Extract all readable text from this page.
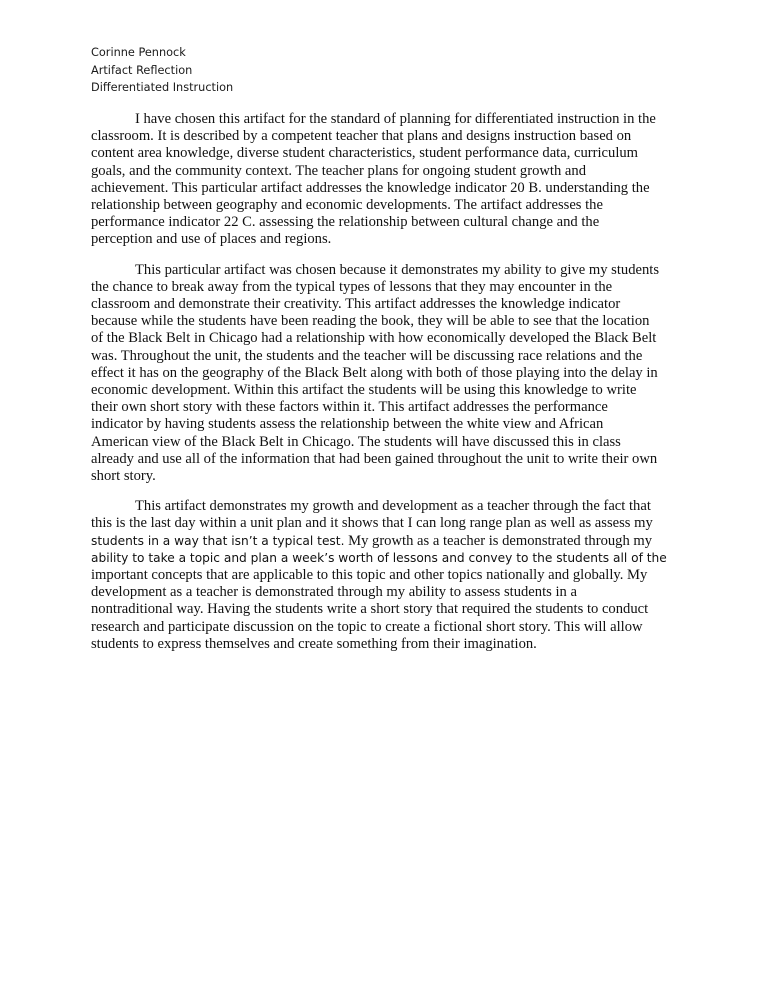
Corinne Pennock
Artifact Reflection
Differentiated Instruction
I have chosen this artifact for the standard of planning for differentiated instruction in the
classroom. It is described by a competent teacher that plans and designs instruction based on
content area knowledge, diverse student characteristics, student performance data, curriculum
goals, and the community context. The teacher plans for ongoing student growth and
achievement. This particular artifact addresses the knowledge indicator 20 B. understanding the
relationship between geography and economic developments. The artifact addresses the
performance indicator 22 C. assessing the relationship between cultural change and the
perception and use of places and regions.
This particular artifact was chosen because it demonstrates my ability to give my students
the chance to break away from the typical types of lessons that they may encounter in the
classroom and demonstrate their creativity. This artifact addresses the knowledge indicator
because while the students have been reading the book, they will be able to see that the location
of the Black Belt in Chicago had a relationship with how economically developed the Black Belt
was. Throughout the unit, the students and the teacher will be discussing race relations and the
effect it has on the geography of the Black Belt along with both of those playing into the delay in
economic development. Within this artifact the students will be using this knowledge to write
their own short story with these factors within it. This artifact addresses the performance
indicator by having students assess the relationship between the white view and African
American view of the Black Belt in Chicago. The students will have discussed this in class
already and use all of the information that had been gained throughout the unit to write their own
short story.
This artifact demonstrates my growth and development as a teacher through the fact that
this is the last day within a unit plan and it shows that I can long range plan as well as assess my
students in a way that isn’t a typical test. My growth as a teacher is demonstrated through my
ability to take a topic and plan a week’s worth of lessons and convey to the students all of the
important concepts that are applicable to this topic and other topics nationally and globally. My
development as a teacher is demonstrated through my ability to assess students in a
nontraditional way. Having the students write a short story that required the students to conduct
research and participate discussion on the topic to create a fictional short story. This will allow
students to express themselves and create something from their imagination.
